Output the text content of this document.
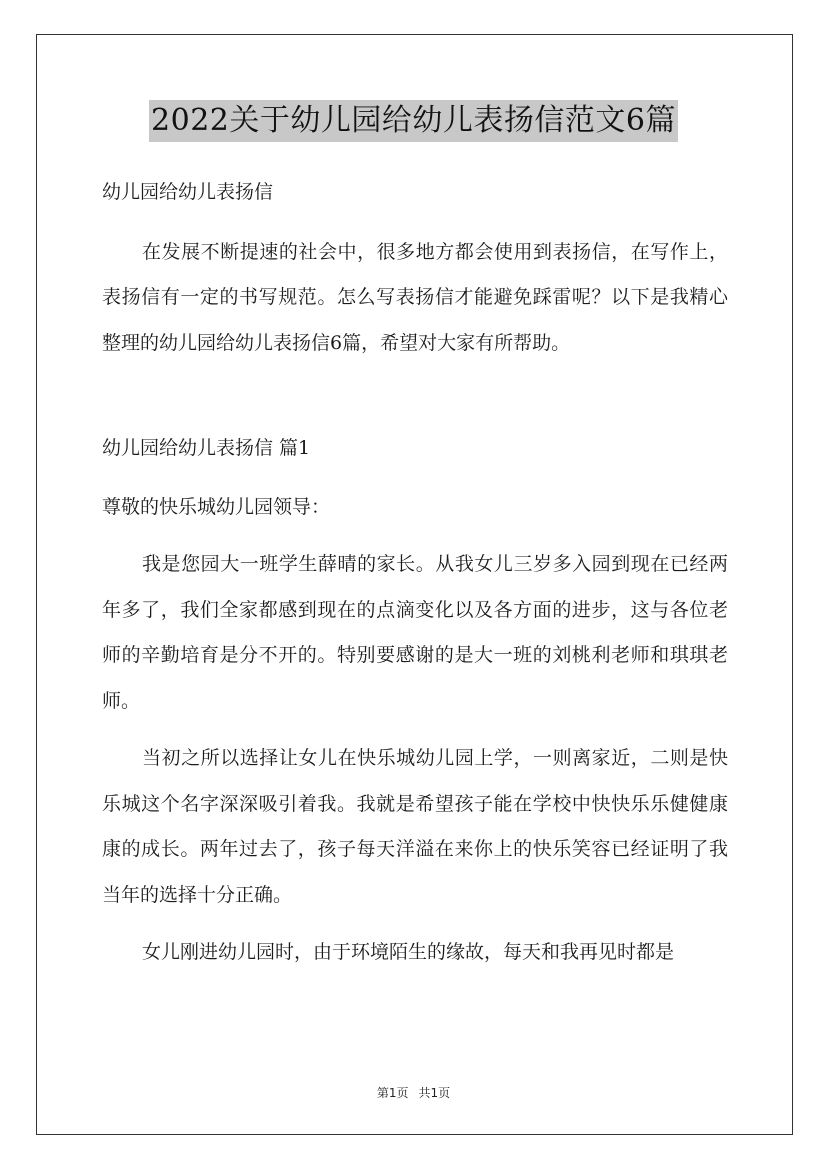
2022关于幼儿园给幼儿表扬信范文6篇

幼儿园给幼儿表扬信

在发展不断提速的社会中，很多地方都会使用到表扬信，在写作上，表扬信有一定的书写规范。怎么写表扬信才能避免踩雷呢？以下是我精心整理的幼儿园给幼儿表扬信6篇，希望对大家有所帮助。

幼儿园给幼儿表扬信 篇1

尊敬的快乐城幼儿园领导：

我是您园大一班学生薛晴的家长。从我女儿三岁多入园到现在已经两年多了，我们全家都感到现在的点滴变化以及各方面的进步，这与各位老师的辛勤培育是分不开的。特别要感谢的是大一班的刘桃利老师和琪琪老师。

当初之所以选择让女儿在快乐城幼儿园上学，一则离家近，二则是快乐城这个名字深深吸引着我。我就是希望孩子能在学校中快快乐乐健健康康的成长。两年过去了，孩子每天洋溢在来你上的快乐笑容已经证明了我当年的选择十分正确。

女儿刚进幼儿园时，由于环境陌生的缘故，每天和我再见时都是

第1页 共1页
